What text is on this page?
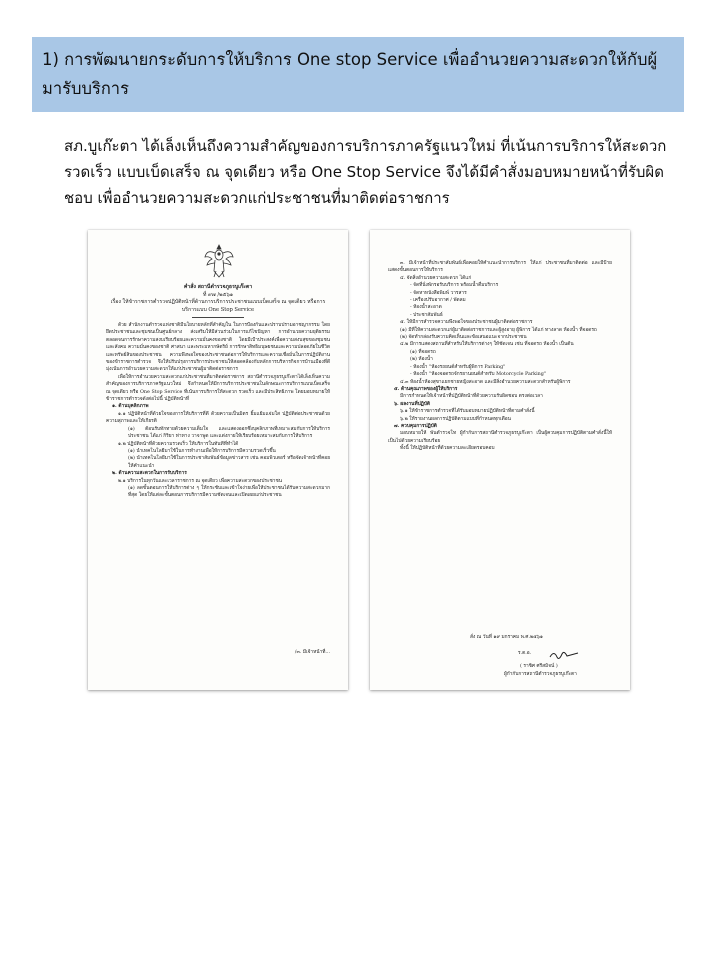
1) การพัฒนายกระดับการให้บริการ One stop Service เพื่ออำนวยความสะดวกให้กับผู้มารับบริการ
สภ.บูเก๊ะตา ได้เล็งเห็นถึงความสำคัญของการบริการภาครัฐแนวใหม่ ที่เน้นการบริการให้สะดวก รวดเร็ว แบบเบ็ดเสร็จ ณ จุดเดียว หรือ One Stop Service จึงได้มีคำสั่งมอบหมายหน้าที่รับผิดชอบ เพื่ออำนวยความสะดวกแก่ประชาชนที่มาติดต่อราชการ
คำสั่ง สถานีตำรวจภูธรบูเก๊ะตา
ที่ ๙๗ /๒๕๖๑
เรื่อง ให้ข้าราชการตำรวจปฏิบัติหน้าที่ด้านการบริการประชาชนแบบเบ็ดเสร็จ ณ จุดเดียว หรือการบริการแบบ One Stop Service

ด้วย สำนักงานตำรวจแห่งชาติมีนโยบายหลักที่สำคัญใน ในการป้องกันและปราบปรามอาชญากรรม โดยยึดประชาชนและชุมชนเป็นศูนย์กลาง ส่งเสริมให้มีส่วนร่วมในการแก้ไขปัญหา การอำนวยความยุติธรรม ตลอดจนการรักษาความสงบเรียบร้อยและความมั่นคงของชาติ โดยมีเป้าประสงค์เพื่อความสงบสุขของชุมชน และสังคม ความมั่นคงของชาติ ศาสนา และพระมหากษัตริย์ การรักษาสิทธิมนุษยชนและความปลอดภัยในชีวิตและทรัพย์สินของประชาชน ความพึงพอใจของประชาชนต่อการให้บริการและความเชื่อมั่นในการปฏิบัติงานของข้าราชการตำรวจ จึงให้ปรับปรุงการบริการประชาชนให้สอดคล้องกับหลักการบริหารกิจการบ้านเมืองที่ดี มุ่งเน้นการอำนวยความสะดวกให้แก่ประชาชนผู้มาติดต่อราชการ

เพื่อให้การอำนวยความสะดวกแก่ประชาชนที่มาติดต่อราชการ สถานีตำรวจภูธรบูเก๊ะตาได้เล็งเห็นความสำคัญของการบริการภาครัฐแนวใหม่ จึงกำหนดให้มีการบริการประชาชนในลักษณะการบริการแบบเบ็ดเสร็จ ณ จุดเดียว หรือ One Stop Service ที่เน้นการบริการให้สะดวก รวดเร็ว และมีประสิทธิภาพ โดยมอบหมายให้ข้าราชการตำรวจดังต่อไปนี้ ปฏิบัติหน้าที่

๑. ด้านบุคลิกภาพ

๑.๑ ปฏิบัติหน้าที่ด้วยใจของการให้บริการที่ดี ด้วยความเป็นมิตร ยิ้มแย้มแจ่มใส ปฏิบัติต่อประชาชนด้วยความสุภาพและให้เกียรติ

(๑) ต้อนรับทักทายด้วยความเต็มใจ และแสดงออกซึ่งบุคลิกภาพที่เหมาะสมกับการให้บริการประชาชน ได้แก่ กิริยา ท่าทาง วาจาพูด และแต่งกายให้เรียบร้อยเหมาะสมกับการให้บริการ

๑.๒ ปฏิบัติหน้าที่ด้วยความรวดเร็ว ให้บริการในทันทีที่ทำได้

(๑) นำเทคโนโลยีมาใช้ในการทำงานเพื่อให้การบริการมีความรวดเร็วขึ้น

(๒) นำเทคโนโลยีมาใช้ในการประชาสัมพันธ์ข้อมูลข่าวสาร เช่น คอมพิวเตอร์ หรือจัดเจ้าหน้าที่คอยให้คำแนะนำ

๒. ด้านความสะดวกในการรับบริการ

๒.๑ บริการในทุกวันและเวลาราชการ ณ จุดเดียว เพื่อความสะดวกของประชาชน

(๑) ลดขั้นตอนการให้บริการต่าง ๆ ให้กระชับและเข้าใจง่ายเพื่อให้ประชาชนได้รับความสะดวกมากที่สุด โดยให้แต่ละขั้นตอนการบริการมีความชัดเจนและเปิดเผยแก่ประชาชน

/๓. มีเจ้าหน้าที่...

๓. มีเจ้าหน้าที่ประชาสัมพันธ์เพื่อคอยให้คำแนะนำการบริการ ให้แก่ ประชาชนที่มาติดต่อ และมีป้ายแสดงขั้นตอนการให้บริการ

๔. จัดสิ่งอำนวยความสะดวก ได้แก่

- จัดที่นั่งพักรอรับบริการ พร้อมน้ำดื่มบริการ

- จัดหาหนังสือพิมพ์ วารสาร

- เครื่องปรับอากาศ / พัดลม

- ห้องน้ำสะอาด

- ประชาสัมพันธ์

๕. ให้มีการสำรวจความพึงพอใจของประชาชนผู้มาติดต่อราชการ

(๑) มีที่ให้ความสะดวกแก่ผู้มาติดต่อราชการและผู้สูงอายุ ผู้พิการ ได้แก่ ทางลาด ห้องน้ำ ที่จอดรถ

(๒) จัดทำกล่องรับความคิดเห็นและข้อเสนอแนะจากประชาชน

๔.๒ มีการแสดงสถานที่สำหรับให้บริการต่างๆ ให้ชัดเจน เช่น ที่จอดรถ ห้องน้ำ เป็นต้น

(๑) ที่จอดรถ

(๒) ห้องน้ำ

- ห้องน้ำ "ห้องรถยนต์สำหรับผู้พิการ Parking"

- ห้องน้ำ "ห้องจอดรถจักรยานยนต์สำหรับ Motorcycle Parking"

๔.๓ ห้องน้ำห้องสุขาแยกชายหญิงสะอาด และมีสิ่งอำนวยความสะดวกสำหรับผู้พิการ

๕. ด้านคุณภาพของผู้ให้บริการ

มีการกำหนดให้เจ้าหน้าที่ปฏิบัติหน้าที่ด้วยความรับผิดชอบ ตรงต่อเวลา

๖. ผลงานที่ปฏิบัติ

๖.๑ ให้ข้าราชการตำรวจที่ได้รับมอบหมายปฏิบัติหน้าที่ตามคำสั่งนี้

๖.๒ ให้รายงานผลการปฏิบัติตามแบบที่กำหนดทุกเดือน

๗. ควบคุมการปฏิบัติ

มอบหมายให้ พันตำรวจโท ผู้กำกับการสถานีตำรวจภูธรบูเก๊ะตา เป็นผู้ควบคุมการปฏิบัติตามคำสั่งนี้ให้เป็นไปด้วยความเรียบร้อย

ทั้งนี้ ให้ปฏิบัติหน้าที่ด้วยความละเอียดรอบคอบ

สั่ง ณ วันที่ ๑๙ มกราคม พ.ศ.๒๕๖๑
ร.ต.อ.
( ราชิศ ศรีสมิจน์ )
ผู้กำกับการสถานีตำรวจภูธรบูเก๊ะตา
